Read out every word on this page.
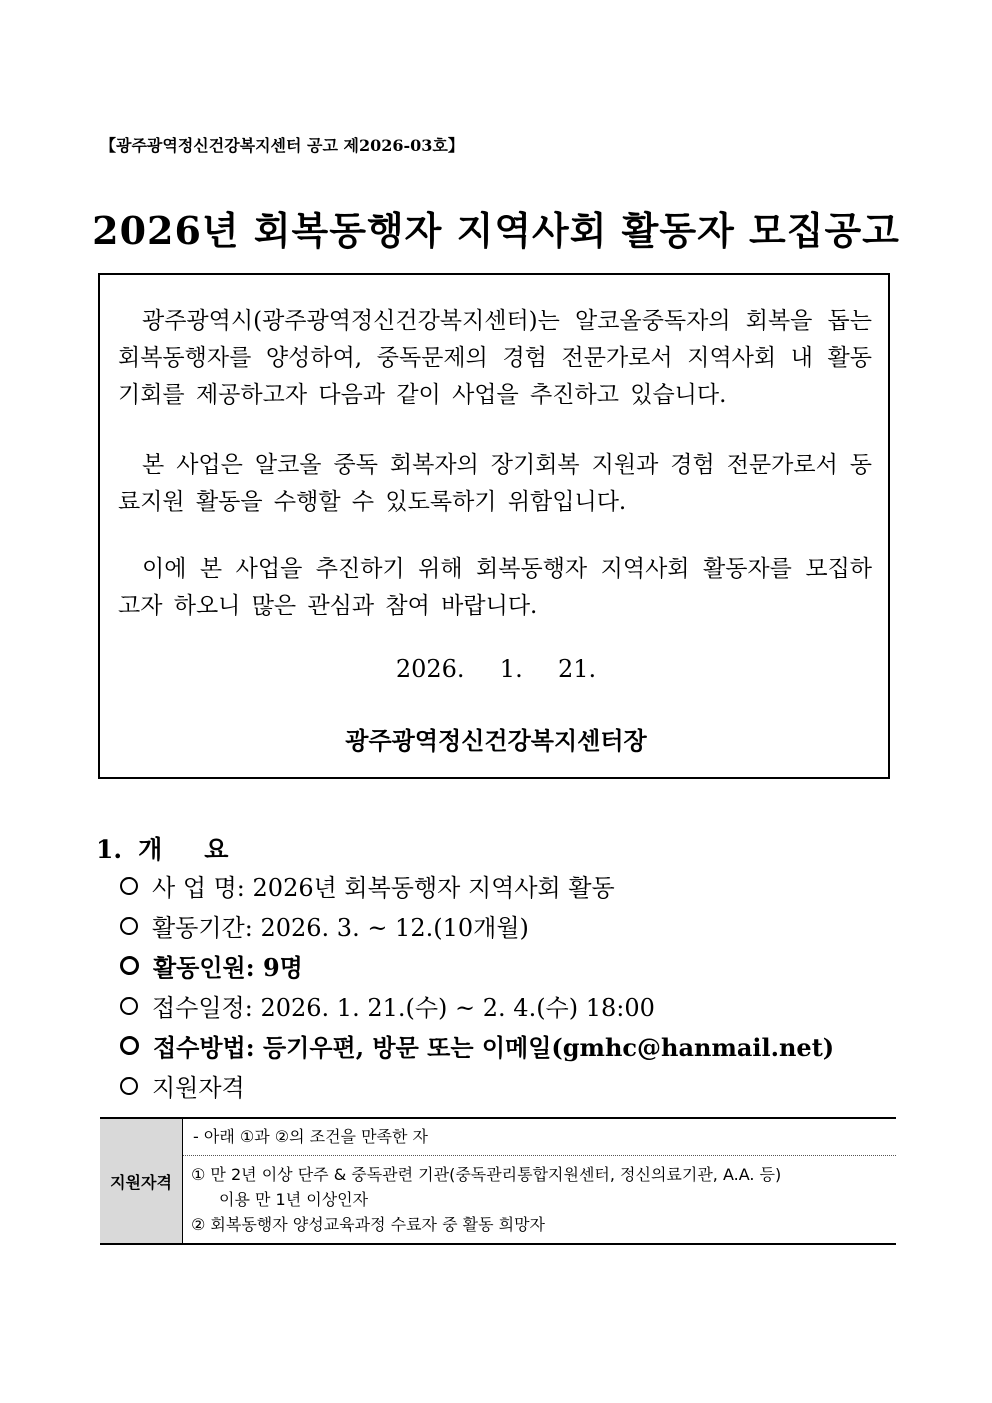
【광주광역정신건강복지센터 공고 제2026-03호】
2026년 회복동행자 지역사회 활동자 모집공고

광주광역시(광주광역정신건강복지센터)는 알코올중독자의 회복을 돕는 회복동행자를 양성하여, 중독문제의 경험 전문가로서 지역사회 내 활동 기회를 제공하고자 다음과 같이 사업을 추진하고 있습니다.

본 사업은 알코올 중독 회복자의 장기회복 지원과 경험 전문가로서 동료지원 활동을 수행할 수 있도록하기 위함입니다.

이에 본 사업을 추진하기 위해 회복동행자 지역사회 활동자를 모집하고자 하오니 많은 관심과 참여 바랍니다.

2026.  1.  21.
광주광역정신건강복지센터장
1. 개요
사 업 명: 2026년 회복동행자 지역사회 활동
활동기간: 2026. 3. ~ 12.(10개월)
활동인원: 9명
접수일정: 2026. 1. 21.(수) ~ 2. 4.(수) 18:00
접수방법: 등기우편, 방문 또는 이메일(gmhc@hanmail.net)
지원자격
지원자격	- 아래 ①과 ②의 조건을 만족한 자

① 만 2년 이상 단주 & 중독관련 기관(중독관리통합지원센터, 정신의료기관, A.A. 등)
이용 만 1년 이상인자
② 회복동행자 양성교육과정 수료자 중 활동 희망자
